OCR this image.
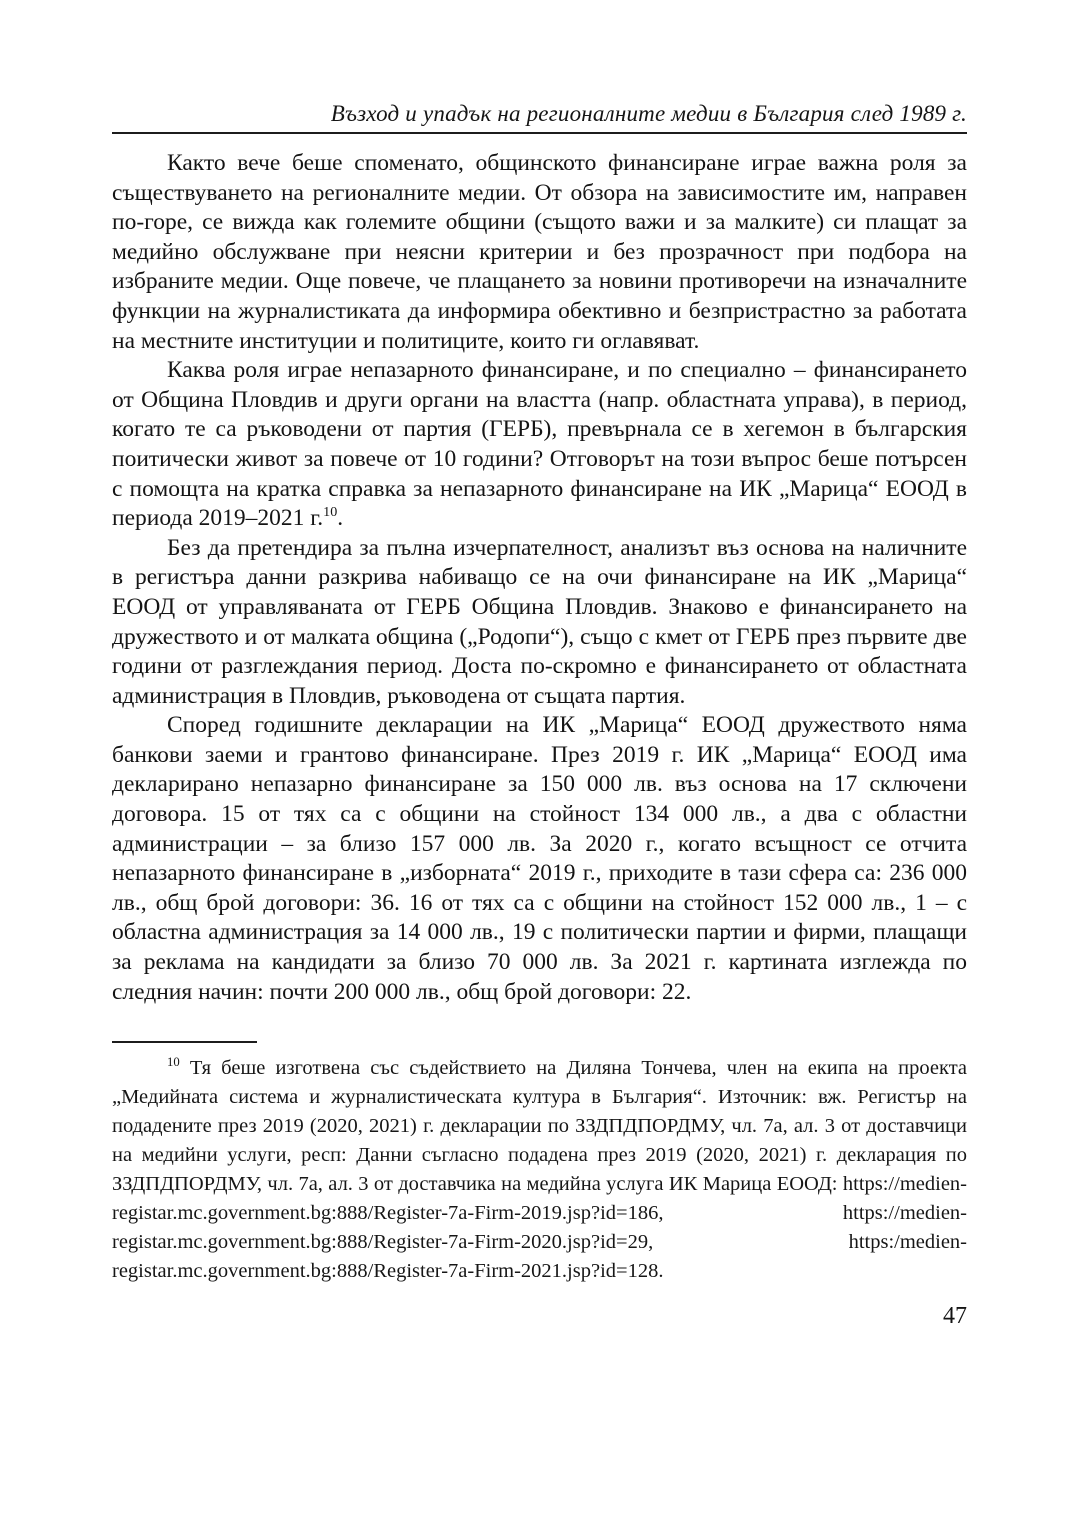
Възход и упадък на регионалните медии в България след 1989 г.

Както вече беше споменато, общинското финансиране играе важна роля за съществуването на регионалните медии. От обзора на зависимостите им, направен по-горе, се вижда как големите общини (същото важи и за малките) си плащат за медийно обслужване при неясни критерии и без прозрачност при подбора на избраните медии. Още повече, че плащането за новини противоречи на изначалните функции на журналистиката да информира обективно и безпристрастно за работата на местните институции и политиците, които ги оглавяват.

Каква роля играе непазарното финансиране, и по специално – финансирането от Община Пловдив и други органи на властта (напр. областната управа), в период, когато те са ръководени от партия (ГЕРБ), превърнала се в хегемон в българския поитически живот за повече от 10 години? Отговорът на този въпрос беше потърсен с помощта на кратка справка за непазарното финансиране на ИК „Марица“ ЕООД в периода 2019–2021 г.$^{10}$.

Без да претендира за пълна изчерпателност, анализът въз основа на наличните в регистъра данни разкрива набиващо се на очи финансиране на ИК „Марица“ ЕООД от управляваната от ГЕРБ Община Пловдив. Знаково е финансирането на дружеството и от малката община („Родопи“), също с кмет от ГЕРБ през първите две години от разглеждания период. Доста по-скромно е финансирането от областната администрация в Пловдив, ръководена от същата партия.

Според годишните декларации на ИК „Марица“ ЕООД дружеството няма банкови заеми и грантово финансиране. През 2019 г. ИК „Марица“ ЕООД има декларирано непазарно финансиране за 150 000 лв. въз основа на 17 сключени договора. 15 от тях са с общини на стойност 134 000 лв., а два с областни администрации – за близо 157 000 лв. За 2020 г., когато всъщност се отчита непазарното финансиране в „изборната“ 2019 г., приходите в тази сфера са: 236 000 лв., общ брой договори: 36. 16 от тях са с общини на стойност 152 000 лв., 1 – с областна администрация за 14 000 лв., 19 с политически партии и фирми, плащащи за реклама на кандидати за близо 70 000 лв. За 2021 г. картината изглежда по следния начин: почти 200 000 лв., общ брой договори: 22.

$^{10}$ Тя беше изготвена със съдействието на Диляна Тончева, член на екипа на проекта „Медийната система и журналистическата култура в България“. Източник: вж. Регистър на подадените през 2019 (2020, 2021) г. декларации по ЗЗДПДПОРДМУ, чл. 7а, ал. 3 от доставчици на медийни услуги, респ: Данни съгласно подадена през 2019 (2020, 2021) г. декларация по ЗЗДПДПОРДМУ, чл. 7а, ал. 3 от доставчика на медийна услуга ИК Марица ЕООД: https://medien-registar.mc.government.bg:888/Register-7a-Firm-2019.jsp?id=186, https://medien-registar.mc.government.bg:888/Register-7a-Firm-2020.jsp?id=29, https:/medien-registar.mc.government.bg:888/Register-7a-Firm-2021.jsp?id=128.

47
